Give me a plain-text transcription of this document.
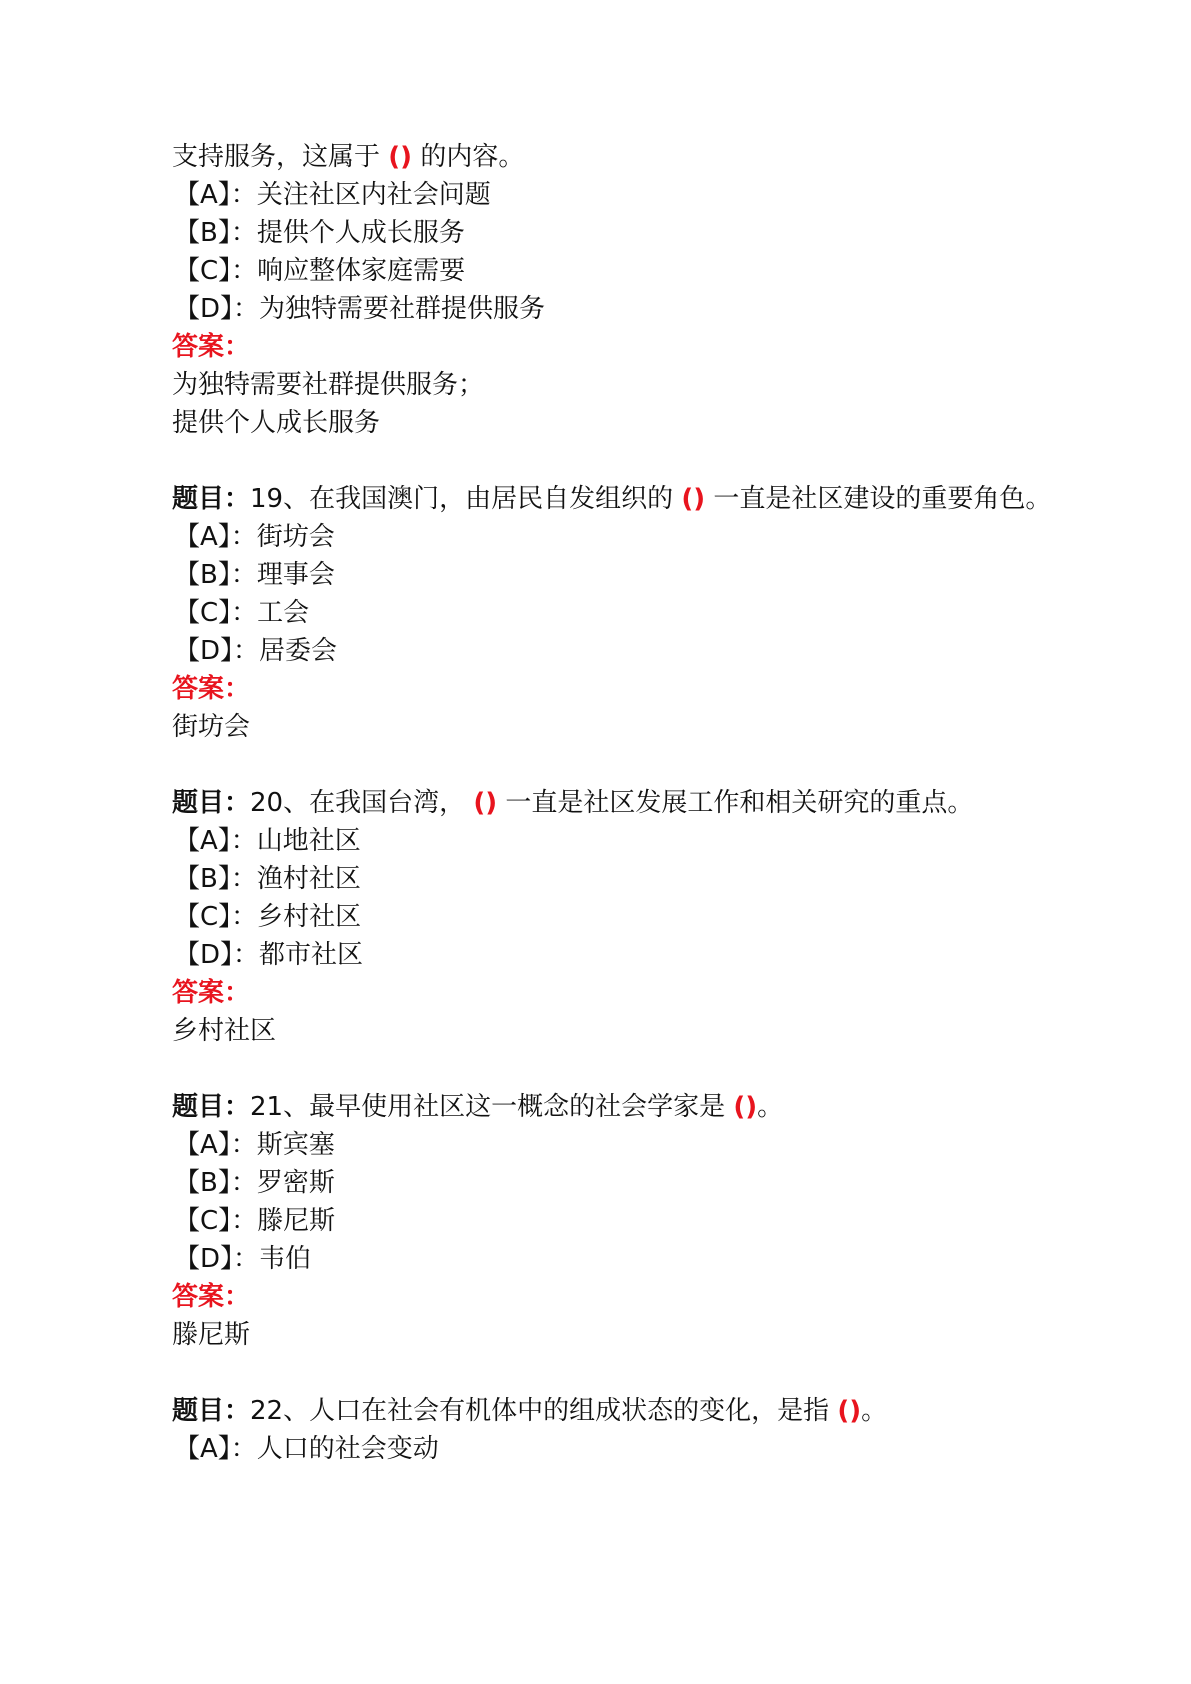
支持服务，这属于 () 的内容。
【A】：关注社区内社会问题
【B】：提供个人成长服务
【C】：响应整体家庭需要
【D】：为独特需要社群提供服务
答案：
为独特需要社群提供服务；
提供个人成长服务
题目：19、在我国澳门，由居民自发组织的 () 一直是社区建设的重要角色。
【A】：街坊会
【B】：理事会
【C】：工会
【D】：居委会
答案：
街坊会
题目：20、在我国台湾， () 一直是社区发展工作和相关研究的重点。
【A】：山地社区
【B】：渔村社区
【C】：乡村社区
【D】：都市社区
答案：
乡村社区
题目：21、最早使用社区这一概念的社会学家是 ()。
【A】：斯宾塞
【B】：罗密斯
【C】：滕尼斯
【D】：韦伯
答案：
滕尼斯
题目：22、人口在社会有机体中的组成状态的变化，是指 ()。
【A】：人口的社会变动
